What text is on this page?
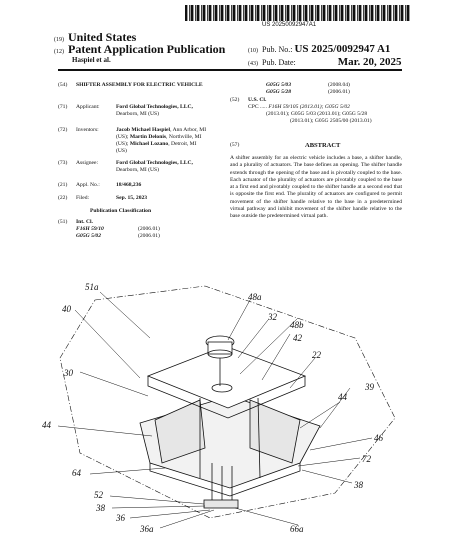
US 20250092947A1
(19) United States
(12) Patent Application Publication
Haspiel et al.
(10) Pub. No.: US 2025/0092947 A1
(43) Pub. Date:	Mar. 20, 2025
(54)	SHIFTER ASSEMBLY FOR ELECTRIC VEHICLE
(71)	Applicant:	Ford Global Technologies, LLC,
Dearborn, MI (US)
(72)	Inventors:	Jacob Michael Haspiel, Ann Arbor, MI
(US); Martin Delonis, Northville, MI
(US); Michael Lozano, Detroit, MI
(US)
(73)	Assignee:	Ford Global Technologies, LLC,
Dearborn, MI (US)
(21)	Appl. No.:	18/468,236
(22)	Filed:	Sep. 15, 2023
Publication Classification
(51)	Int. Cl.
F16H 59/10	(2006.01)
G05G 5/02	(2006.01)
G05G 5/03	(2008.04)
G05G 5/28	(2006.01)
(52) U.S. Cl.
CPC ..... F16H 59/105 (2013.01); G05G 5/02
(2013.01); G05G 5/03 (2013.01); G05G 5/28
(2013.01); G05G 2505/00 (2013.01)
(57)	ABSTRACT
A shifter assembly for an electric vehicle includes a base, a shifter handle, and a plurality of actuators. The base defines an opening. The shifter handle extends through the opening of the base and is pivotally coupled to the base. Each actuator of the plurality of actuators are pivotably coupled to the base at a first end and pivotably coupled to the shifter handle at a second end that is opposite the first end. The plurality of actuators are configured to permit movement of the shifter handle relative to the base in a predetermined virtual pathway and inhibit movement of the shifter handle relative to the base outside the predetermined virtual path.
51a
48a
40
32
48b
42
22
30
39
44
44
46
72
64
38
52
38
36
36a	66a
